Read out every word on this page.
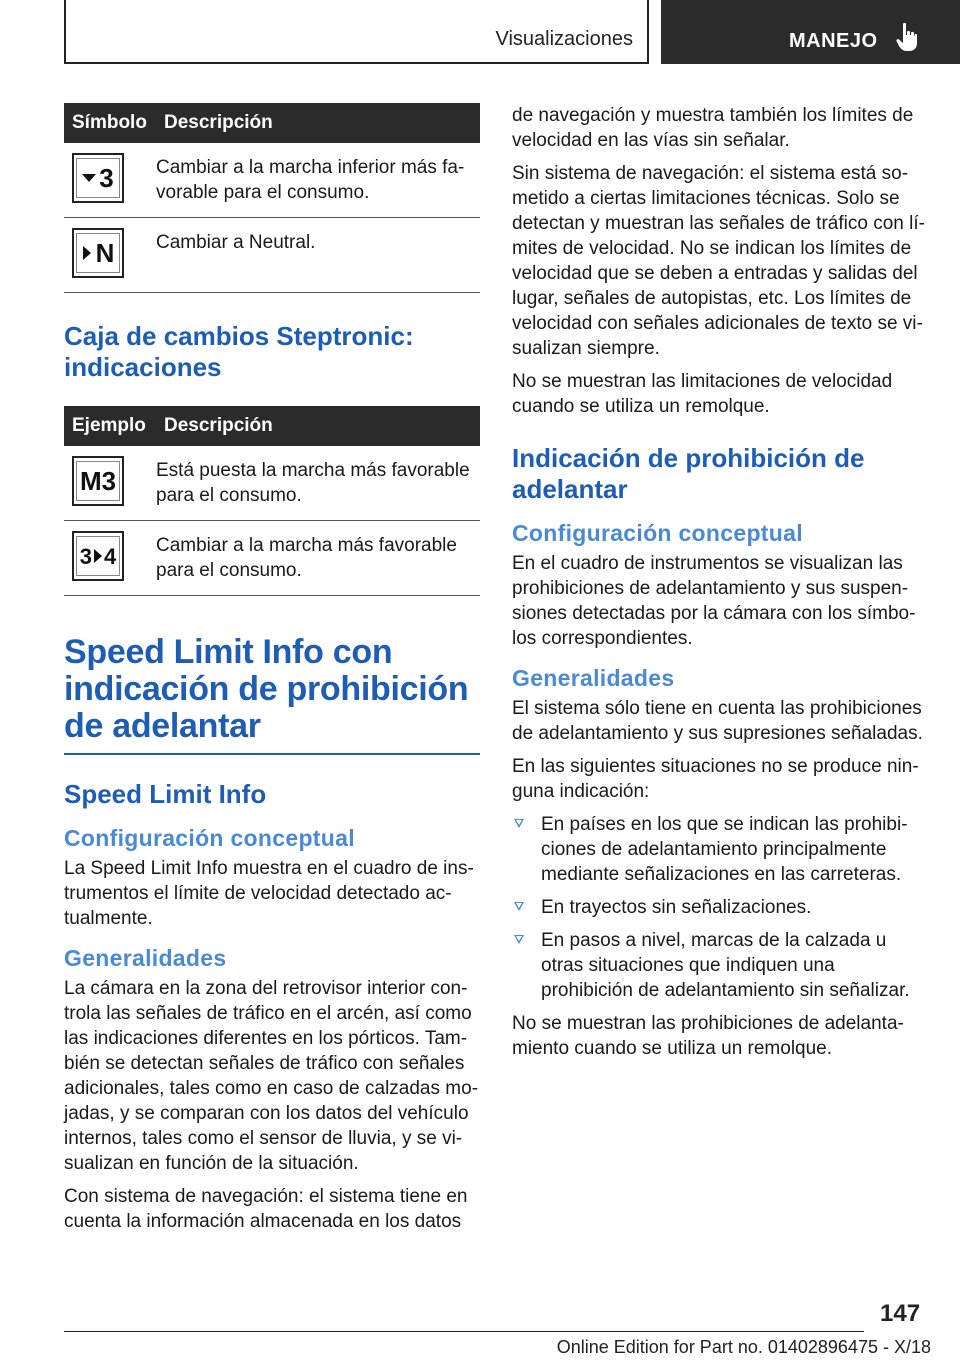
Visualizaciones	MANEJO
Símbolo	Descripción

3	Cambiar a la marcha inferior más favorable para el consumo.

N	Cambiar a Neutral.
Caja de cambios Steptronic: indicaciones
Ejemplo	Descripción

M3	Está puesta la marcha más favorable para el consumo.

3 4	Cambiar a la marcha más favorable para el consumo.
Speed Limit Info con indicación de prohibición de adelantar
Speed Limit Info
Configuración conceptual

La Speed Limit Info muestra en el cuadro de instrumentos el límite de velocidad detectado actualmente.

Generalidades

La cámara en la zona del retrovisor interior controla las señales de tráfico en el arcén, así como las indicaciones diferentes en los pórticos. También se detectan señales de tráfico con señales adicionales, tales como en caso de calzadas mojadas, y se comparan con los datos del vehículo internos, tales como el sensor de lluvia, y se visualizan en función de la situación.

Con sistema de navegación: el sistema tiene en cuenta la información almacenada en los datos

de navegación y muestra también los límites de velocidad en las vías sin señalar.

Sin sistema de navegación: el sistema está sometido a ciertas limitaciones técnicas. Solo se detectan y muestran las señales de tráfico con límites de velocidad. No se indican los límites de velocidad que se deben a entradas y salidas del lugar, señales de autopistas, etc. Los límites de velocidad con señales adicionales de texto se visualizan siempre.

No se muestran las limitaciones de velocidad cuando se utiliza un remolque.

Indicación de prohibición de adelantar
Configuración conceptual

En el cuadro de instrumentos se visualizan las prohibiciones de adelantamiento y sus suspensiones detectadas por la cámara con los símbolos correspondientes.

Generalidades

El sistema sólo tiene en cuenta las prohibiciones de adelantamiento y sus supresiones señaladas.

En las siguientes situaciones no se produce ninguna indicación:

En países en los que se indican las prohibiciones de adelantamiento principalmente mediante señalizaciones en las carreteras.
En trayectos sin señalizaciones.
En pasos a nivel, marcas de la calzada u otras situaciones que indiquen una prohibición de adelantamiento sin señalizar.

No se muestran las prohibiciones de adelantamiento cuando se utiliza un remolque.

147
Online Edition for Part no. 01402896475 - X/18
